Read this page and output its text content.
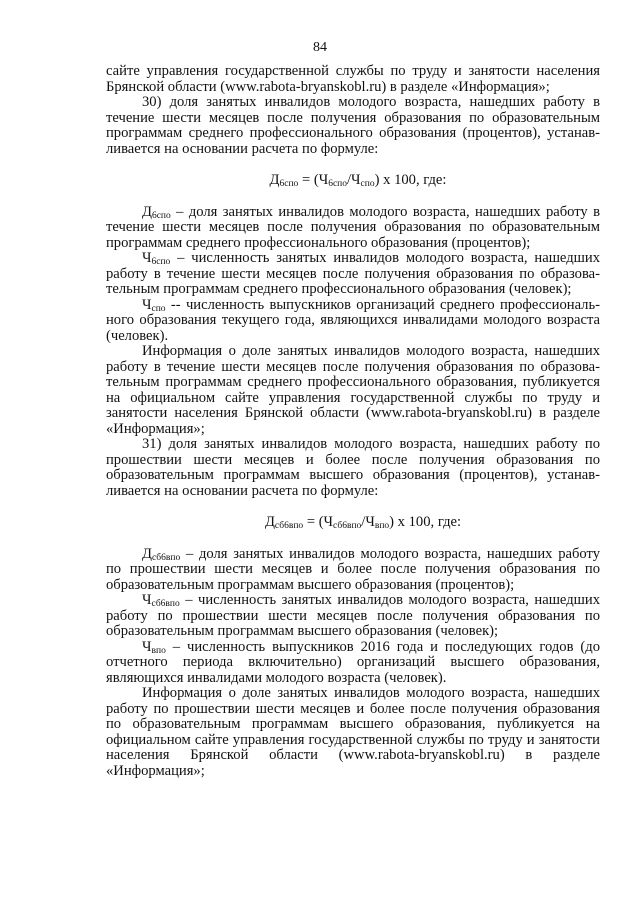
84

сайте управления государственной службы по труду и занятости населения Брянской области (www.rabota-bryanskobl.ru) в разделе «Информация»;

30) доля занятых инвалидов молодого возраста, нашедших работу в течение шести месяцев после получения образования по образовательным программам среднего профессионального образования (процентов), устанавливается на основании расчета по формуле:

$Д_{6спо} = (Ч_{6спо}/Ч_{спо})$ x 100, где:

$Д_{6спо}$ – доля занятых инвалидов молодого возраста, нашедших работу в течение шести месяцев после получения образования по образовательным программам среднего профессионального образования (процентов);

$Ч_{6спо}$ – численность занятых инвалидов молодого возраста, нашедших работу в течение шести месяцев после получения образования по образовательным программам среднего профессионального образования (человек);

$Ч_{спо}$ -- численность выпускников организаций среднего профессионального образования текущего года, являющихся инвалидами молодого возраста (человек).

Информация о доле занятых инвалидов молодого возраста, нашедших работу в течение шести месяцев после получения образования по образовательным программам среднего профессионального образования, публикуется на официальном сайте управления государственной службы по труду и занятости населения Брянской области (www.rabota-bryanskobl.ru) в разделе «Информация»;

31) доля занятых инвалидов молодого возраста, нашедших работу по прошествии шести месяцев и более после получения образования по образовательным программам высшего образования (процентов), устанавливается на основании расчета по формуле:

$Д_{сб6впо} = (Ч_{сб6впо}/Ч_{впо})$ x 100, где:

$Д_{сб6впо}$ – доля занятых инвалидов молодого возраста, нашедших работу по прошествии шести месяцев и более после получения образования по образовательным программам высшего образования (процентов);

$Ч_{сб6впо}$ – численность занятых инвалидов молодого возраста, нашедших работу по прошествии шести месяцев после получения образования по образовательным программам высшего образования (человек);

$Ч_{впо}$ – численность выпускников 2016 года и последующих годов (до отчетного периода включительно) организаций высшего образования, являющихся инвалидами молодого возраста (человек).

Информация о доле занятых инвалидов молодого возраста, нашедших работу по прошествии шести месяцев и более после получения образования по образовательным программам высшего образования, публикуется на официальном сайте управления государственной службы по труду и занятости населения Брянской области (www.rabota-bryanskobl.ru) в разделе «Информация»;
